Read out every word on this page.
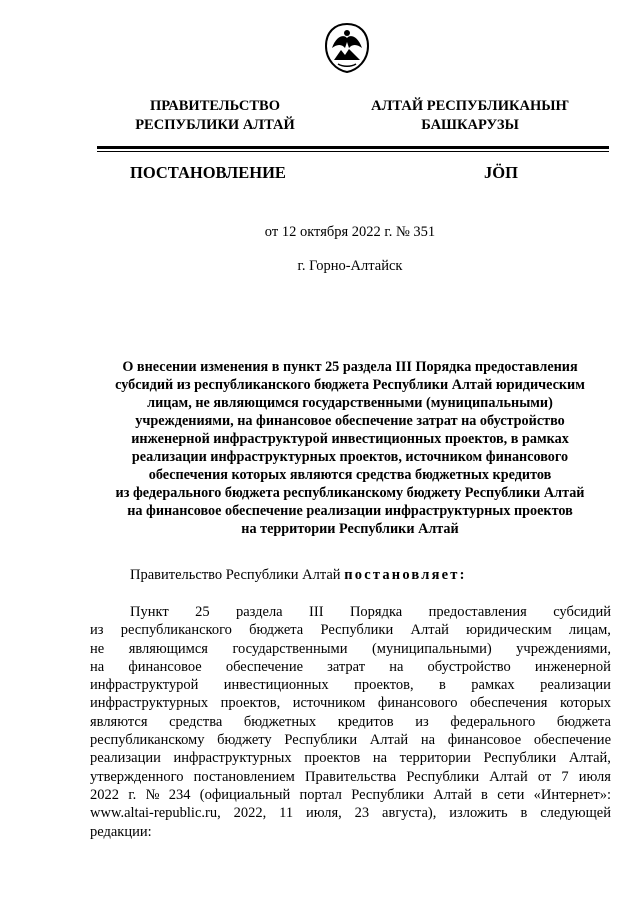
ПРАВИТЕЛЬСТВО
РЕСПУБЛИКИ АЛТАЙ
АЛТАЙ РЕСПУБЛИКАНЫҤ
БАШКАРУЗЫ
ПОСТАНОВЛЕНИЕ	JӦП
от 12 октября 2022 г. № 351
г. Горно-Алтайск
О внесении изменения в пункт 25 раздела III Порядка предоставления
субсидий из республиканского бюджета Республики Алтай юридическим
лицам, не являющимся государственными (муниципальными)
учреждениями, на финансовое обеспечение затрат на обустройство
инженерной инфраструктурой инвестиционных проектов, в рамках
реализации инфраструктурных проектов, источником финансового
обеспечения которых являются средства бюджетных кредитов
из федерального бюджета республиканскому бюджету Республики Алтай
на финансовое обеспечение реализации инфраструктурных проектов
на территории Республики Алтай
Правительство Республики Алтай постановляет:
Пункт 25 раздела III Порядка предоставления субсидий
из республиканского бюджета Республики Алтай юридическим лицам,
не являющимся государственными (муниципальными) учреждениями,
на финансовое обеспечение затрат на обустройство инженерной
инфраструктурой инвестиционных проектов, в рамках реализации
инфраструктурных проектов, источником финансового обеспечения которых
являются средства бюджетных кредитов из федерального бюджета
республиканскому бюджету Республики Алтай на финансовое обеспечение
реализации инфраструктурных проектов на территории Республики Алтай,
утвержденного постановлением Правительства Республики Алтай от 7 июля
2022 г. № 234 (официальный портал Республики Алтай в сети «Интернет»:
www.altai-republic.ru, 2022, 11 июля, 23 августа), изложить в следующей
редакции:
